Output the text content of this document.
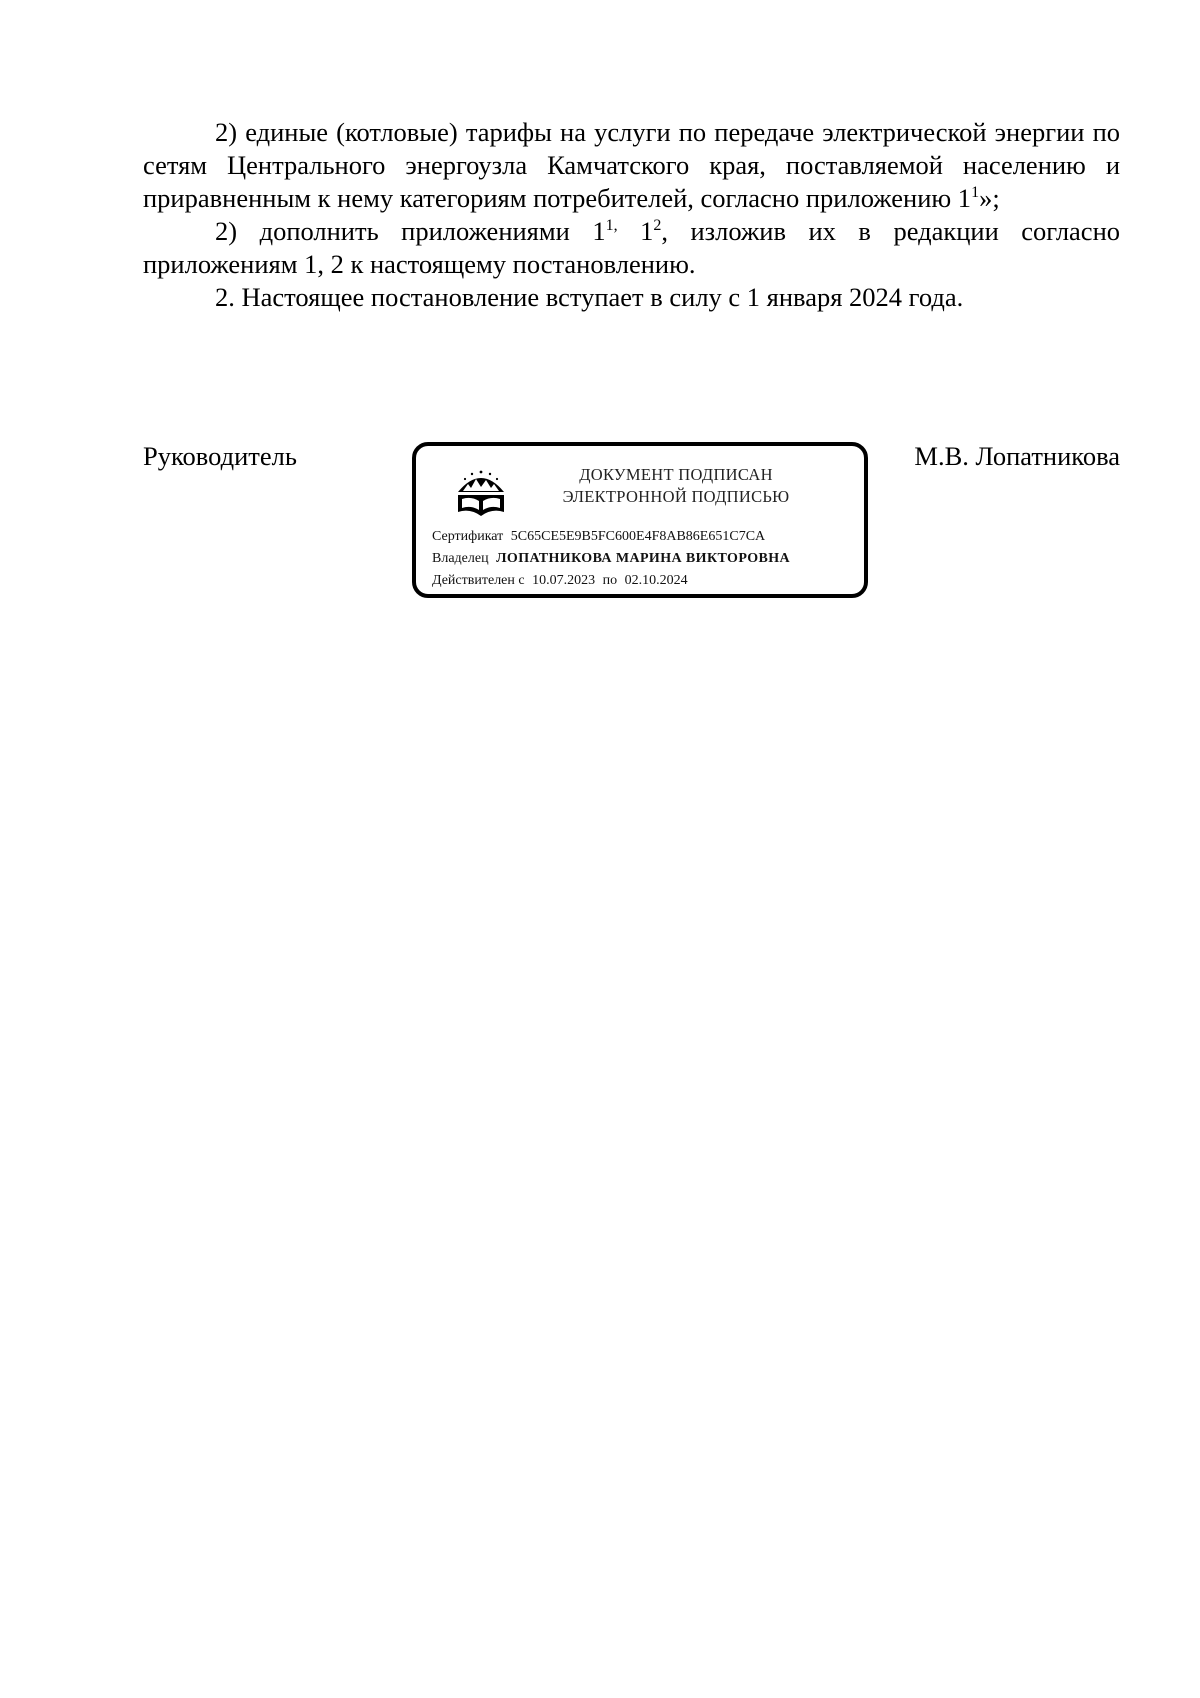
2) единые (котловые) тарифы на услуги по передаче электрической энергии по сетям Центрального энергоузла Камчатского края, поставляемой населению и приравненным к нему категориям потребителей, согласно приложению $1^1$»;

2) дополнить приложениями $1^{1,}$ $1^2$, изложив их в редакции согласно приложениям 1, 2 к настоящему постановлению.

2. Настоящее постановление вступает в силу с 1 января 2024 года.

Руководитель	М.В. Лопатникова
ДОКУМЕНТ ПОДПИСАН
ЭЛЕКТРОННОЙ ПОДПИСЬЮ
Сертификат 5C65CE5E9B5FC600E4F8AB86E651C7CA
Владелец ЛОПАТНИКОВА МАРИНА ВИКТОРОВНА
Действителен с 10.07.2023 по 02.10.2024
